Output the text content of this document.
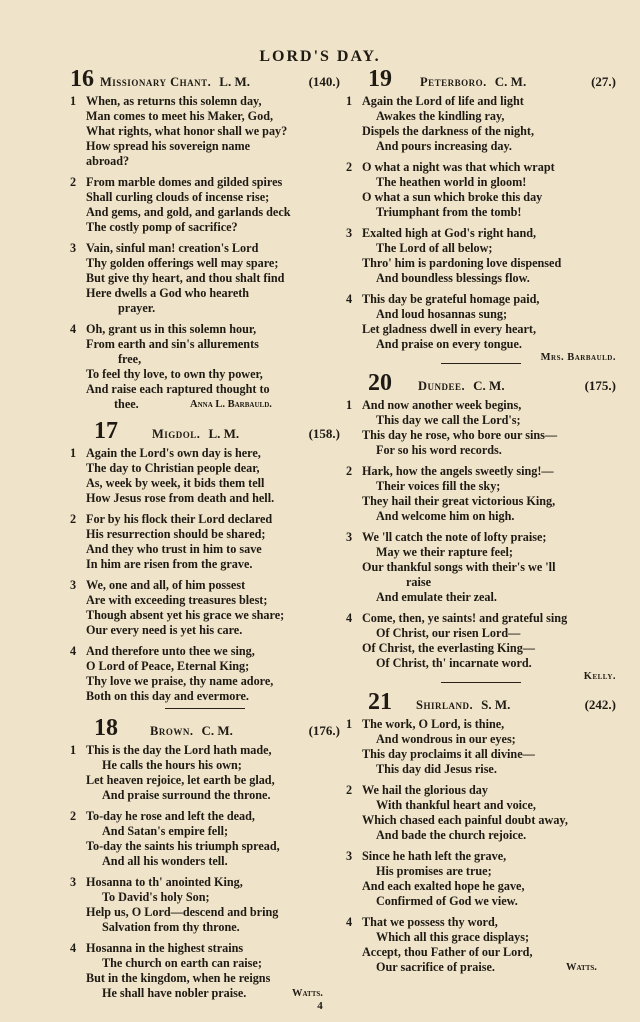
LORD'S DAY.
16 Missionary Chant. L. M.	(140.)
1 When, as returns this solemn day,
Man comes to meet his Maker, God,
What rights, what honor shall we pay?
How spread his sovereign name
abroad?
2 From marble domes and gilded spires
Shall curling clouds of incense rise;
And gems, and gold, and garlands deck
The costly pomp of sacrifice?
3 Vain, sinful man! creation's Lord
Thy golden offerings well may spare;
But give thy heart, and thou shalt find
Here dwells a God who heareth
prayer.
4 Oh, grant us in this solemn hour,
From earth and sin's allurements
free,
To feel thy love, to own thy power,
And raise each raptured thought to
thee.	Anna L. Barbauld.
17	Migdol. L. M.	(158.)
1 Again the Lord's own day is here,
The day to Christian people dear,
As, week by week, it bids them tell
How Jesus rose from death and hell.
2 For by his flock their Lord declared
His resurrection should be shared;
And they who trust in him to save
In him are risen from the grave.
3 We, one and all, of him possest
Are with exceeding treasures blest;
Though absent yet his grace we share;
Our every need is yet his care.
4 And therefore unto thee we sing,
O Lord of Peace, Eternal King;
Thy love we praise, thy name adore,
Both on this day and evermore.
18	Brown. C. M.	(176.)
1 This is the day the Lord hath made,
He calls the hours his own;
Let heaven rejoice, let earth be glad,
And praise surround the throne.
2 To-day he rose and left the dead,
And Satan's empire fell;
To-day the saints his triumph spread,
And all his wonders tell.
3 Hosanna to th' anointed King,
To David's holy Son;
Help us, O Lord—descend and bring
Salvation from thy throne.
4 Hosanna in the highest strains
The church on earth can raise;
But in the kingdom, when he reigns
He shall have nobler praise.	Watts.
19 Peterboro. C. M.	(27.)
1 Again the Lord of life and light
Awakes the kindling ray,
Dispels the darkness of the night,
And pours increasing day.
2 O what a night was that which wrapt
The heathen world in gloom!
O what a sun which broke this day
Triumphant from the tomb!
3 Exalted high at God's right hand,
The Lord of all below;
Thro' him is pardoning love dispensed
And boundless blessings flow.
4 This day be grateful homage paid,
And loud hosannas sung;
Let gladness dwell in every heart,
And praise on every tongue.
Mrs. Barbauld.
20 Dundee. C. M.	(175.)
1 And now another week begins,
This day we call the Lord's;
This day he rose, who bore our sins—
For so his word records.
2 Hark, how the angels sweetly sing!—
Their voices fill the sky;
They hail their great victorious King,
And welcome him on high.
3 We 'll catch the note of lofty praise;
May we their rapture feel;
Our thankful songs with their's we 'll
raise
And emulate their zeal.
4 Come, then, ye saints! and grateful sing
Of Christ, our risen Lord—
Of Christ, the everlasting King—
Of Christ, th' incarnate word.
Kelly.
21 Shirland. S. M.	(242.)
1 The work, O Lord, is thine,
And wondrous in our eyes;
This day proclaims it all divine—
This day did Jesus rise.
2 We hail the glorious day
With thankful heart and voice,
Which chased each painful doubt away,
And bade the church rejoice.
3 Since he hath left the grave,
His promises are true;
And each exalted hope he gave,
Confirmed of God we view.
4 That we possess thy word,
Which all this grace displays;
Accept, thou Father of our Lord,
Our sacrifice of praise.	Watts.
4
